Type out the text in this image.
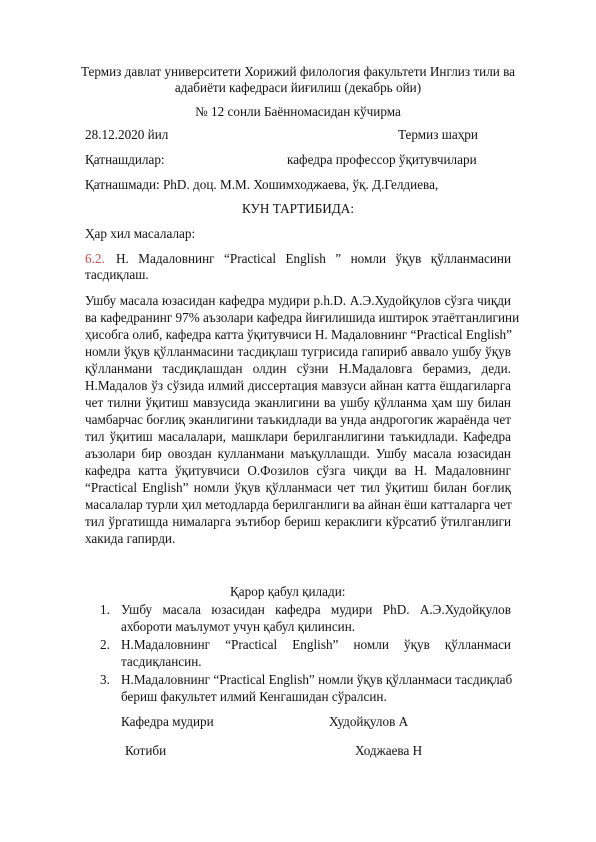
Термиз давлат университети Хорижий филология факультети Инглиз тили ва
адабиёти кафедраси йиғилиш (декабрь ойи)
№ 12 сонли Баённомасидан кўчирма
28.12.2020 йил	Термиз шаҳри
Қатнашдилар:	кафедра профессор ўқитувчилари
Қатнашмади: PhD. доц. М.М. Хошимходжаева, ўқ. Д.Гелдиева,
КУН ТАРТИБИДА:
Ҳар хил масалалар:
6.2. Н. Мадаловнинг “Practical English ” номли ўқув қўлланмасини
тасдиқлаш.
Ушбу масала юзасидан кафедра мудири p.h.D. А.Э.Худойқулов сўзга чиқди
ва кафедранинг 97% аъзолари кафедра йиғилишида иштирок этаётганлигини
ҳисобга олиб, кафедра катта ўқитувчиси Н. Мадаловнинг “Practical English”
номли ўқув қўлланмасини тасдиқлаш тугрисида гапириб аввало ушбу ўқув
қўлланмани тасдиқлашдан олдин сўзни Н.Мадаловга берамиз, деди.
Н.Мадалов ўз сўзида илмий диссертация мавзуси айнан катта ёшдагиларга
чет тилни ўқитиш мавзусида эканлигини ва ушбу қўлланма ҳам шу билан
чамбарчас боғлиқ эканлигини таъкидлади ва унда андрогогик жараёнда чет
тил ўқитиш масалалари, машклари берилганлигини таъкидлади. Кафедра
аъзолари бир овоздан кулланмани маъқуллашди. Ушбу масала юзасидан
кафедра катта ўқитувчиси О.Фозилов сўзга чиқди ва Н. Мадаловнинг
“Practical English” номли ўқув қўлланмаси чет тил ўқитиш билан боғлиқ
масалалар турли ҳил методларда берилганлиги ва айнан ёши катталарга чет
тил ўргатишда нималарга эътибор бериш кераклиги кўрсатиб ўтилганлиги
хакида гапирди.
Қарор қабул қилади:
1. Ушбу масала юзасидан кафедра мудири PhD. А.Э.Худойқулов
ахбороти маълумот учун қабул қилинсин.
2. Н.Мадаловнинг “Practical English” номли ўқув қўлланмаси
тасдиқлансин.
3. Н.Мадаловнинг “Practical English” номли ўқув қўлланмаси тасдиқлаб
бериш факультет илмий Кенгашидан сўралсин.
Кафедра мудири	Худойқулов А
Котиби	Ходжаева Н
